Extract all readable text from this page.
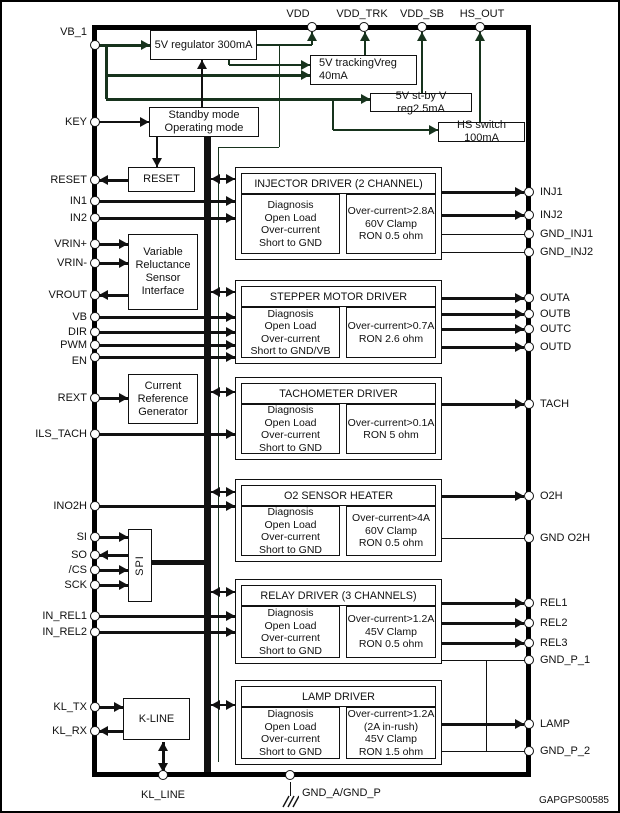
5V regulator 300mA
5V trackingVreg
40mA
5V st-by V reg2.5mA
HS switch 100mA
Standby mode
Operating mode
RESET
Variable
Reluctance
Sensor
Interface
Current
Reference
Generator
SPI
K-LINE
INJECTOR DRIVER (2 CHANNEL)
Diagnosis
Open Load
Over-current
Short to GND
Over-current>2.8A
60V Clamp
RON 0.5 ohm
STEPPER MOTOR DRIVER
Diagnosis
Open Load
Over-current
Short to GND/VB
Over-current>0.7A
RON 2.6 ohm
TACHOMETER DRIVER
Diagnosis
Open Load
Over-current
Short to GND
Over-current>0.1A
RON 5 ohm
O2 SENSOR HEATER
Diagnosis
Open Load
Over-current
Short to GND
Over-current>4A
60V Clamp
RON 0.5 ohm
RELAY DRIVER (3 CHANNELS)
Diagnosis
Open Load
Over-current
Short to GND
Over-current>1.2A
45V Clamp
RON 0.5 ohm
LAMP DRIVER
Diagnosis
Open Load
Over-current
Short to GND
Over-current>1.2A
(2A in-rush)
45V Clamp
RON 1.5 ohm
VDD	VDD_TRK	VDD_SB	HS_OUT
VB_1
KEY
RESET
IN1
IN2
VRIN+
VRIN-
VROUT
VB
DIR
PWM
EN
REXT
ILS_TACH
INO2H
SI
SO
/CS
SCK
IN_REL1
IN_REL2
KL_TX
KL_RX
INJ1
INJ2
GND_INJ1
GND_INJ2
OUTA
OUTB
OUTC
OUTD
TACH
O2H
GND O2H
REL1
REL2
REL3
GND_P_1
LAMP
GND_P_2
KL_LINE	GND_A/GND_P
GAPGPS00585
